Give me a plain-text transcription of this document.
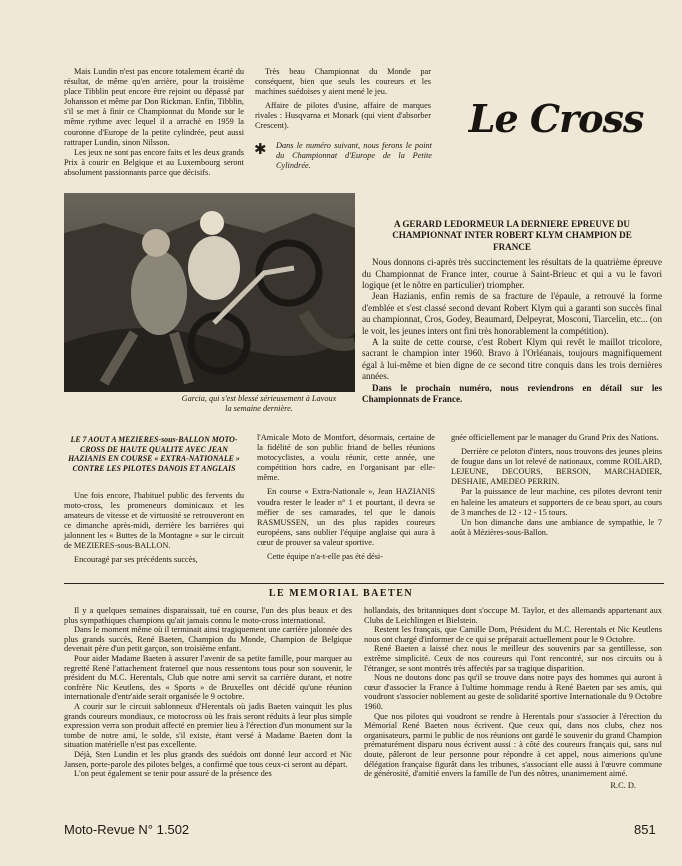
Mais Lundin n'est pas encore totalement écarté du résultat, de même qu'en arrière, pour la troisième place Tibblin peut encore être rejoint ou dépassé par Johansson et même par Don Rickman. Enfin, Tibblin, s'il se met à finir ce Championnat du Monde sur le même rythme avec lequel il a arraché en 1959 la couronne d'Europe de la petite cylindrée, peut aussi rattraper Lundin, sinon Nilsson.

Les jeux ne sont pas encore faits et les deux grands Prix à courir en Belgique et au Luxembourg seront absolument passionnants parce que décisifs.

Très beau Championnat du Monde par conséquent, bien que seuls les coureurs et les machines suédoises y aient mené le jeu.

Affaire de pilotes d'usine, affaire de marques rivales : Husqvarna et Monark (qui vient d'absorber Crescent).

✱ Dans le numéro suivant, nous ferons le point du Championnat d'Europe de la Petite Cylindrée.

Le Cross

Garcia, qui s'est blessé sérieusement à Lavoux la semaine dernière.

A GERARD LEDORMEUR LA DERNIERE EPREUVE DU CHAMPIONNAT INTER ROBERT KLYM CHAMPION DE FRANCE

Nous donnons ci-après très succinctement les résultats de la quatrième épreuve du Championnat de France inter, courue à Saint-Brieuc et qui a vu le favori logique (et le nôtre en particulier) triompher.

Jean Hazianis, enfin remis de sa fracture de l'épaule, a retrouvé la forme d'emblée et s'est classé second devant Robert Klym qui a garanti son succès final au championnat, Cros, Godey, Beaumard, Delpeyrat, Mosconi, Tiarcelin, etc... (on le voit, les jeunes inters ont fini très honorablement la compétition).

A la suite de cette course, c'est Robert Klym qui revêt le maillot tricolore, sacrant le champion inter 1960. Bravo à l'Orléanais, toujours magnifiquement égal à lui-même et bien digne de ce second titre conquis dans les trois dernières années.

Dans le prochain numéro, nous reviendrons en détail sur les Championnats de France.

LE 7 AOUT A MEZIERES-sous-BALLON MOTO-CROSS DE HAUTE QUALITE AVEC JEAN HAZIANIS EN COURSE « EXTRA-NATIONALE » CONTRE LES PILOTES DANOIS ET ANGLAIS

Une fois encore, l'habituel public des fervents du moto-cross, les promeneurs dominicaux et les amateurs de vitesse et de virtuosité se retrouveront en ce dimanche après-midi, derrière les barrières qui jalonnent les « Buttes de la Montagne » sur le circuit de MEZIERES-sous-BALLON.

Encouragé par ses précédents succès,

l'Amicale Moto de Montfort, désormais, certaine de la fidélité de son public friand de belles réunions motocyclistes, a voulu réunir, cette année, une compétition hors cadre, en l'organisant par elle-même.

En course « Extra-Nationale », Jean HAZIANIS voudra rester le leader n° 1 et pourtant, il devra se méfier de ses camarades, tel que le danois RASMUSSEN, un des plus rapides coureurs européens, sans oublier l'équipe anglaise qui aura à cœur de prouver sa valeur sportive.

Cette équipe n'a-t-elle pas été dési-

gnée officiellement par le manager du Grand Prix des Nations.

Derrière ce peloton d'inters, nous trouvons des jeunes pleins de fougue dans un lot relevé de nationaux, comme ROILARD, LEJEUNE, DECOURS, BERSON, MARCHADIER, DESHAIE, AMEDEO PERRIN.

Par la puissance de leur machine, ces pilotes devront tenir en haleine les amateurs et supporters de ce beau sport, au cours de 3 manches de 12 - 12 - 15 tours.

Un bon dimanche dans une ambiance de sympathie, le 7 août à Mézières-sous-Ballon.

LE MEMORIAL BAETEN

Il y a quelques semaines disparaissait, tué en course, l'un des plus beaux et des plus sympathiques champions qu'ait jamais connu le moto-cross international.

Dans le moment même où il terminait ainsi tragiquement une carrière jalonnée des plus grands succès, René Baeten, Champion du Monde, Champion de Belgique devenait père d'un petit garçon, son troisième enfant.

Pour aider Madame Baeten à assurer l'avenir de sa petite famille, pour marquer au regretté René l'attachement fraternel que nous ressentons tous pour son souvenir, le président du M.C. Herentals, Club que notre ami servit sa carrière durant, et notre confrère Nic Keutlens, des « Sports » de Bruxelles ont décidé qu'une réunion internationale d'entr'aide serait organisée le 9 octobre.

A courir sur le circuit sablonneux d'Herentals où jadis Baeten vainquit les plus grands coureurs mondiaux, ce motocross où les frais seront réduits à leur plus simple expression verra son produit affecté en premier lieu à l'érection d'un monument sur la tombe de notre ami, le solde, s'il existe, étant versé à Madame Baeten dont la situation matérielle n'est pas excellente.

Déjà, Sten Lundin et les plus grands des suédois ont donné leur accord et Nic Jansen, porte-parole des pilotes belges, a confirmé que tous ceux-ci seront au départ.

L'on peut également se tenir pour assuré de la présence des

hollandais, des britanniques dont s'occupe M. Taylor, et des allemands appartenant aux Clubs de Leichlingen et Bielstein.

Restent les français, que Camille Dom, Président du M.C. Herentals et Nic Keutlens nous ont chargé d'informer de ce qui se préparait actuellement pour le 9 Octobre.

René Baeten a laissé chez nous le meilleur des souvenirs par sa gentillesse, son extrême simplicité. Ceux de nos coureurs qui l'ont rencontré, sur nos circuits ou à l'étranger, se sont montrés très affectés par sa tragique disparition.

Nous ne doutons donc pas qu'il se trouve dans notre pays des hommes qui auront à cœur d'associer la France à l'ultime hommage rendu à René Baeten par ses amis, qui voudront s'associer noblement au geste de solidarité sportive Internationale du 9 Octobre 1960.

Que nos pilotes qui voudront se rendre à Herentals pour s'associer à l'érection du Mémorial René Baeten nous écrivent. Que ceux qui, dans nos clubs, chez nos organisateurs, parmi le public de nos réunions ont gardé le souvenir du grand Champion prématurément disparu nous écrivent aussi : à côté des coureurs français qui, sans nul doute, pâleront de leur personne pour répondre à cet appel, nous aimerions qu'une délégation française figurât dans les tribunes, s'associant elle aussi à l'œuvre commune de générosité, d'amitié envers la famille de l'un des nôtres, unanimement aimé.

R.C. D.

Moto-Revue N° 1.502	851
